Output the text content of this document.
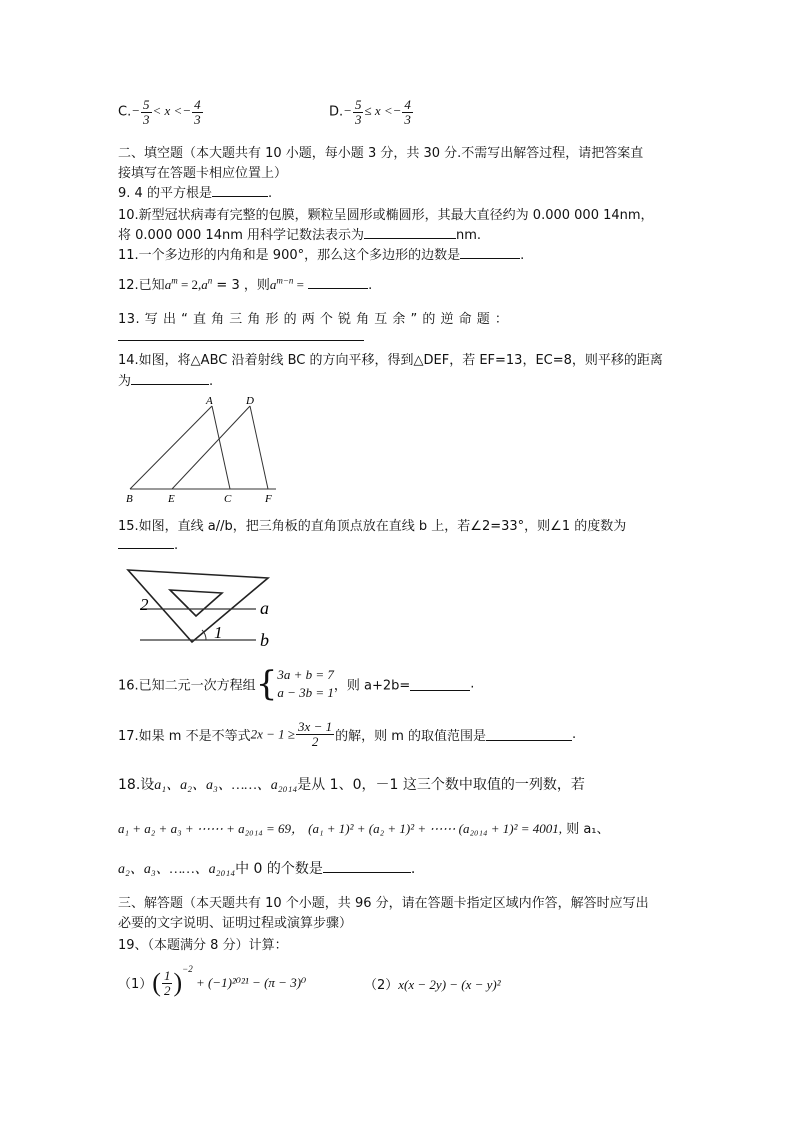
$C.- \frac{5}{3} < x <- \frac{4}{3}$	$D.- \frac{5}{3} \le x <- \frac{4}{3}$
二、填空题（本大题共有 10 小题，每小题 3 分，共 30 分.不需写出解答过程，请把答案直
接填写在答题卡相应位置上）
9. 4 的平方根是	.
10.新型冠状病毒有完整的包膜，颗粒呈圆形或椭圆形，其最大直径约为 0.000 000 14nm，
将 0.000 000 14nm 用科学记数法表示为	nm.
11.一个多边形的内角和是 900°，那么这个多边形的边数是	.
12.已知$a^m = 2,a^n = 3$ ，则$a^{m-n}$ =	.
13. 写 出 “ 直 角 三 角 形 的 两 个 锐 角 互 余 ” 的 逆 命 题 ：
14.如图，将△ABC 沿着射线 BC 的方向平移，得到△DEF，若 EF=13，EC=8，则平移的距离
为	.
A	D
B	E	C	F
15.如图，直线 a//b，把三角板的直角顶点放在直线 b 上，若∠2=33°，则∠1 的度数为
.
2	a
1 b
16.已知二元一次方程组{ 3a + b = 7
a − 3b = 1 ，则 a+2b=	.
17.如果 m 不是不等式$2x - 1 \ge \frac{3x - 1}{2}$ 的解，则 m 的取值范围是	.
18.设a₁、a₂、a₃、……、a₂₀₁₄是从 1、0，－1 这三个数中取值的一列数，若
a₁ + a₂ + a₃ + ⋯⋯ + a₂₀₁₄ = 69， (a₁ + 1)² + (a₂ + 1)² + ⋯⋯ (a₂₀₁₄ + 1)² = 4001, 则 a₁、
a₂、a₃、……、a₂₀₁₄中 0 的个数是	.
三、解答题（本天题共有 10 个小题，共 96 分，请在答题卡指定区域内作答，解答时应写出
必要的文字说明、证明过程或演算步骤）
19、（本题满分 8 分）计算：
$(1)( \frac{1}{2} )^{-2} + (-1)^{2021} - (\pi - 3)^0$	（2）x(x − 2y) − (x − y)²
